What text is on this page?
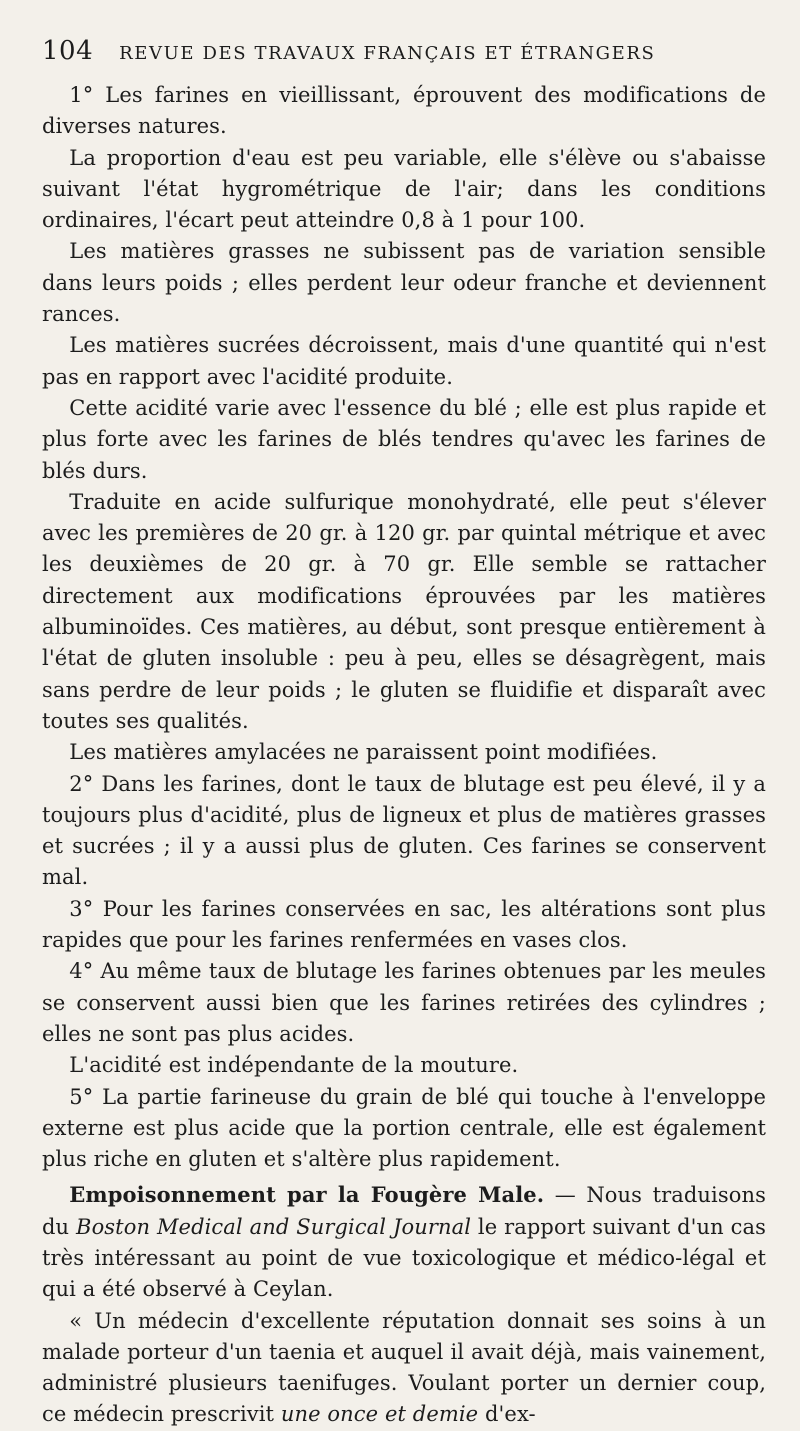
104 REVUE DES TRAVAUX FRANÇAIS ET ÉTRANGERS

1° Les farines en vieillissant, éprouvent des modifications de diverses natures.

La proportion d'eau est peu variable, elle s'élève ou s'abaisse suivant l'état hygrométrique de l'air; dans les conditions ordinaires, l'écart peut atteindre 0,8 à 1 pour 100.

Les matières grasses ne subissent pas de variation sensible dans leurs poids ; elles perdent leur odeur franche et deviennent rances.

Les matières sucrées décroissent, mais d'une quantité qui n'est pas en rapport avec l'acidité produite.

Cette acidité varie avec l'essence du blé ; elle est plus rapide et plus forte avec les farines de blés tendres qu'avec les farines de blés durs.

Traduite en acide sulfurique monohydraté, elle peut s'élever avec les premières de 20 gr. à 120 gr. par quintal métrique et avec les deuxièmes de 20 gr. à 70 gr. Elle semble se rattacher directement aux modifications éprouvées par les matières albuminoïdes. Ces matières, au début, sont presque entièrement à l'état de gluten insoluble : peu à peu, elles se désagrègent, mais sans perdre de leur poids ; le gluten se fluidifie et disparaît avec toutes ses qualités.

Les matières amylacées ne paraissent point modifiées.

2° Dans les farines, dont le taux de blutage est peu élevé, il y a toujours plus d'acidité, plus de ligneux et plus de matières grasses et sucrées ; il y a aussi plus de gluten. Ces farines se conservent mal.

3° Pour les farines conservées en sac, les altérations sont plus rapides que pour les farines renfermées en vases clos.

4° Au même taux de blutage les farines obtenues par les meules se conservent aussi bien que les farines retirées des cylindres ; elles ne sont pas plus acides.

L'acidité est indépendante de la mouture.

5° La partie farineuse du grain de blé qui touche à l'enveloppe externe est plus acide que la portion centrale, elle est également plus riche en gluten et s'altère plus rapidement.

Empoisonnement par la Fougère Male. — Nous traduisons du Boston Medical and Surgical Journal le rapport suivant d'un cas très intéressant au point de vue toxicologique et médico-légal et qui a été observé à Ceylan.

« Un médecin d'excellente réputation donnait ses soins à un malade porteur d'un taenia et auquel il avait déjà, mais vainement, administré plusieurs taenifuges. Voulant porter un dernier coup, ce médecin prescrivit une once et demie d'ex-
